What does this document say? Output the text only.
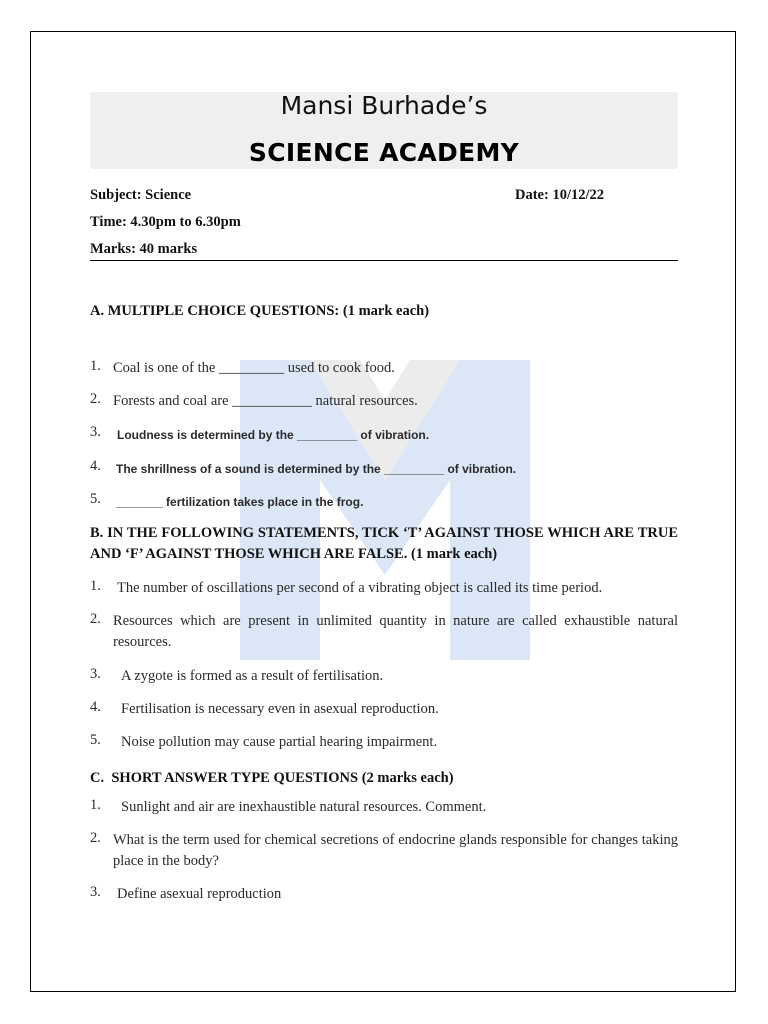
Mansi Burhade’s
SCIENCE ACADEMY
Subject: Science	Date: 10/12/22
Time: 4.30pm to 6.30pm
Marks: 40 marks
A. MULTIPLE CHOICE QUESTIONS: (1 mark each)
1. Coal is one of the _________ used to cook food.
2. Forests and coal are ___________ natural resources.
3. Loudness is determined by the _________ of vibration.
4. The shrillness of a sound is determined by the _________ of vibration.
5. _______ fertilization takes place in the frog.
B. IN THE FOLLOWING STATEMENTS, TICK ‘T’ AGAINST THOSE WHICH ARE TRUE AND ‘F’ AGAINST THOSE WHICH ARE FALSE. (1 mark each)
1. The number of oscillations per second of a vibrating object is called its time period.
2. Resources which are present in unlimited quantity in nature are called exhaustible natural resources.
3. A zygote is formed as a result of fertilisation.
4. Fertilisation is necessary even in asexual reproduction.
5. Noise pollution may cause partial hearing impairment.
C.  SHORT ANSWER TYPE QUESTIONS (2 marks each)
1. Sunlight and air are inexhaustible natural resources. Comment.
2. What is the term used for chemical secretions of endocrine glands responsible for changes taking place in the body?
3. Define asexual reproduction
